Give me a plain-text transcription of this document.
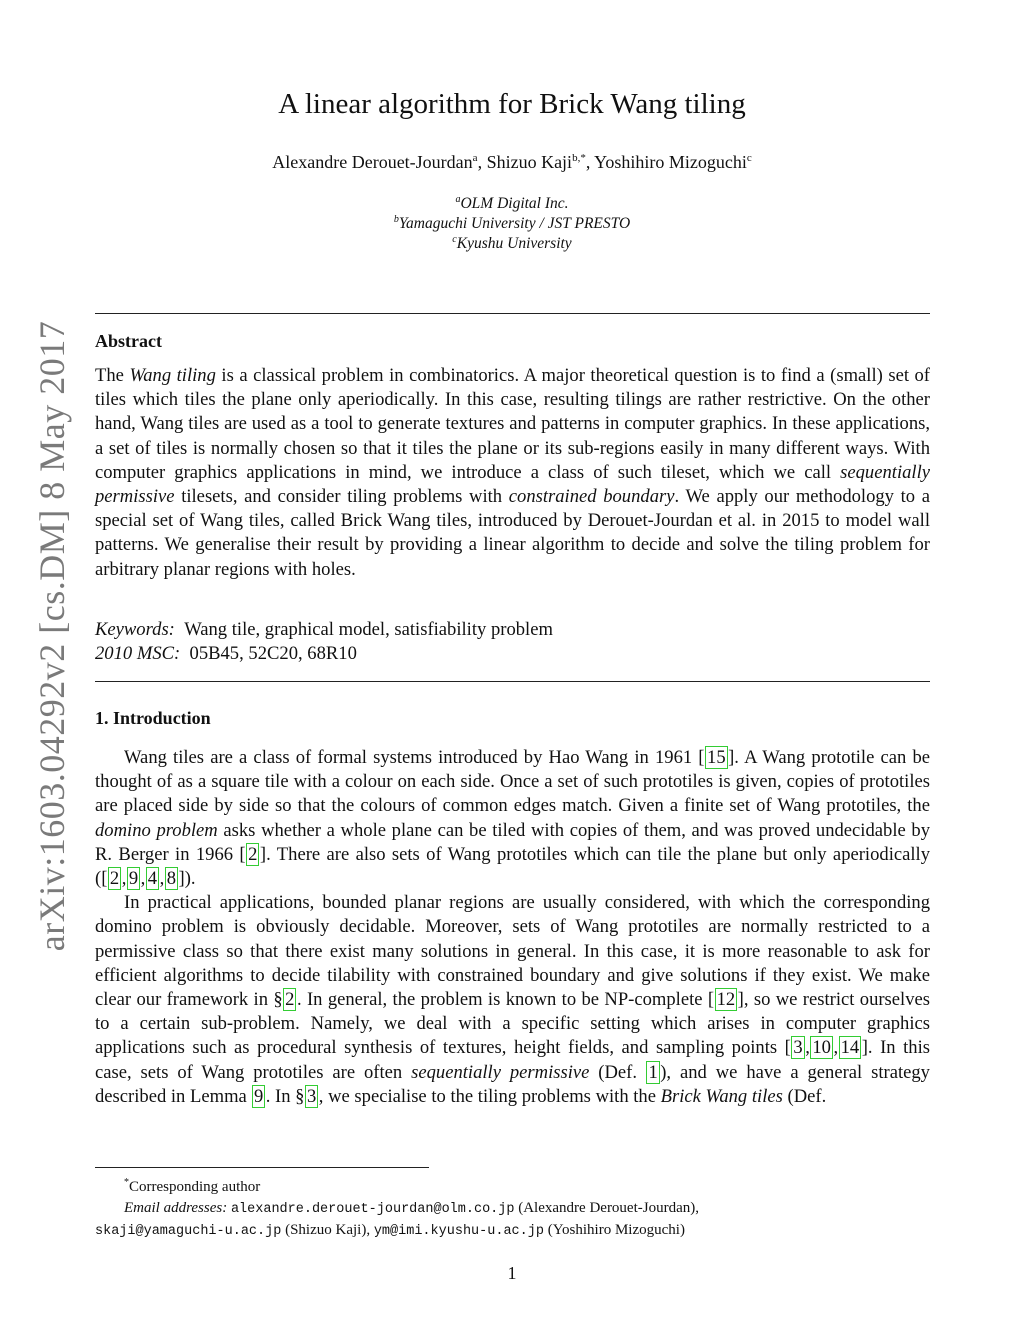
arXiv:1603.04292v2 [cs.DM] 8 May 2017
A linear algorithm for Brick Wang tiling
Alexandre Derouet-Jourdan$^a$, Shizuo Kaji$^{b,*}$, Yoshihiro Mizoguchi$^c$
$^a$OLM Digital Inc.
$^b$Yamaguchi University / JST PRESTO
$^c$Kyushu University
Abstract

The Wang tiling is a classical problem in combinatorics. A major theoretical question is to find a (small) set of tiles which tiles the plane only aperiodically. In this case, resulting tilings are rather restrictive. On the other hand, Wang tiles are used as a tool to generate textures and patterns in computer graphics. In these applications, a set of tiles is normally chosen so that it tiles the plane or its sub-regions easily in many different ways. With computer graphics applications in mind, we introduce a class of such tileset, which we call sequentially permissive tilesets, and consider tiling problems with constrained boundary. We apply our methodology to a special set of Wang tiles, called Brick Wang tiles, introduced by Derouet-Jourdan et al. in 2015 to model wall patterns. We generalise their result by providing a linear algorithm to decide and solve the tiling problem for arbitrary planar regions with holes.

Keywords: Wang tile, graphical model, satisfiability problem

2010 MSC: 05B45, 52C20, 68R10

1. Introduction

Wang tiles are a class of formal systems introduced by Hao Wang in 1961 [ 15 ]. A Wang prototile can be thought of as a square tile with a colour on each side. Once a set of such prototiles is given, copies of prototiles are placed side by side so that the colours of common edges match. Given a finite set of Wang prototiles, the domino problem asks whether a whole plane can be tiled with copies of them, and was proved undecidable by R. Berger in 1966 [ 2 ]. There are also sets of Wang prototiles which can tile the plane but only aperiodically ([ 2 , 9 , 4 , 8 ]).

In practical applications, bounded planar regions are usually considered, with which the corresponding domino problem is obviously decidable. Moreover, sets of Wang prototiles are normally restricted to a permissive class so that there exist many solutions in general. In this case, it is more reasonable to ask for efficient algorithms to decide tilability with constrained boundary and give solutions if they exist. We make clear our framework in § 2 . In general, the problem is known to be NP-complete [ 12 ], so we restrict ourselves to a certain sub-problem. Namely, we deal with a specific setting which arises in computer graphics applications such as procedural synthesis of textures, height fields, and sampling points [ 3 , 10 , 14 ]. In this case, sets of Wang prototiles are often sequentially permissive (Def. 1 ), and we have a general strategy described in Lemma 9 . In § 3 , we specialise to the tiling problems with the Brick Wang tiles (Def.

*Corresponding author

Email addresses: alexandre.derouet-jourdan@olm.co.jp (Alexandre Derouet-Jourdan),

skaji@yamaguchi-u.ac.jp (Shizuo Kaji), ym@imi.kyushu-u.ac.jp (Yoshihiro Mizoguchi)

1
